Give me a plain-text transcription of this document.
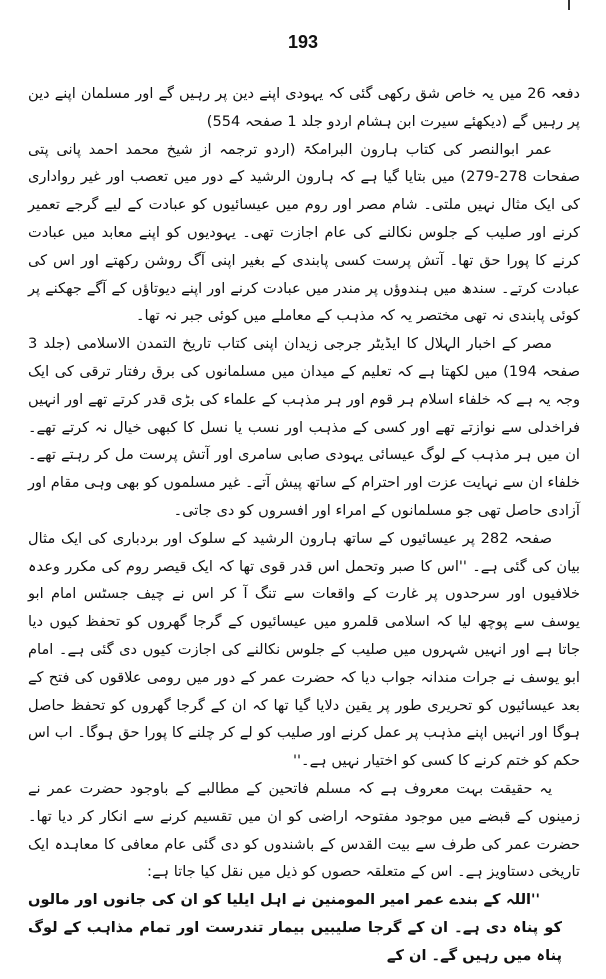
193

دفعہ 26 میں یہ خاص شق رکھی گئی کہ یہودی اپنے دین پر رہیں گے اور مسلمان اپنے دین پر رہیں گے (دیکھئے سیرت ابن ہشام اردو جلد 1 صفحہ 554)

عمر ابوالنصر کی کتاب ہارون البرامکۃ (اردو ترجمہ از شیخ محمد احمد پانی پتی صفحات 278-279) میں بتایا گیا ہے کہ ہارون الرشید کے دور میں تعصب اور غیر رواداری کی ایک مثال نہیں ملتی۔ شام مصر اور روم میں عیسائیوں کو عبادت کے لیے گرجے تعمیر کرنے اور صلیب کے جلوس نکالنے کی عام اجازت تھی۔ یہودیوں کو اپنے معابد میں عبادت کرنے کا پورا حق تھا۔ آتش پرست کسی پابندی کے بغیر اپنی آگ روشن رکھتے اور اس کی عبادت کرتے۔ سندھ میں ہندوؤں پر مندر میں عبادت کرنے اور اپنے دیوتاؤں کے آگے جھکنے پر کوئی پابندی نہ تھی مختصر یہ کہ مذہب کے معاملے میں کوئی جبر نہ تھا۔

مصر کے اخبار الہلال کا ایڈیٹر جرجی زیدان اپنی کتاب تاریخ التمدن الاسلامی (جلد 3 صفحہ 194) میں لکھتا ہے کہ تعلیم کے میدان میں مسلمانوں کی برق رفتار ترقی کی ایک وجہ یہ ہے کہ خلفاء اسلام ہر قوم اور ہر مذہب کے علماء کی بڑی قدر کرتے تھے اور انہیں فراخدلی سے نوازتے تھے اور کسی کے مذہب اور نسب یا نسل کا کبھی خیال نہ کرتے تھے۔ ان میں ہر مذہب کے لوگ عیسائی یہودی صابی سامری اور آتش پرست مل کر رہتے تھے۔ خلفاء ان سے نہایت عزت اور احترام کے ساتھ پیش آتے۔ غیر مسلموں کو بھی وہی مقام اور آزادی حاصل تھی جو مسلمانوں کے امراء اور افسروں کو دی جاتی۔

صفحہ 282 پر عیسائیوں کے ساتھ ہارون الرشید کے سلوک اور بردباری کی ایک مثال بیان کی گئی ہے۔ ''اس کا صبر وتحمل اس قدر قوی تھا کہ ایک قیصر روم کی مکرر وعدہ خلافیوں اور سرحدوں پر غارت کے واقعات سے تنگ آ کر اس نے چیف جسٹس امام ابو یوسف سے پوچھ لیا کہ اسلامی قلمرو میں عیسائیوں کے گرجا گھروں کو تحفظ کیوں دیا جاتا ہے اور انہیں شہروں میں صلیب کے جلوس نکالنے کی اجازت کیوں دی گئی ہے۔ امام ابو یوسف نے جرات مندانہ جواب دیا کہ حضرت عمر کے دور میں رومی علاقوں کی فتح کے بعد عیسائیوں کو تحریری طور پر یقین دلایا گیا تھا کہ ان کے گرجا گھروں کو تحفظ حاصل ہوگا اور انہیں اپنے مذہب پر عمل کرنے اور صلیب کو لے کر چلنے کا پورا حق ہوگا۔ اب اس حکم کو ختم کرنے کا کسی کو اختیار نہیں ہے۔''

یہ حقیقت بہت معروف ہے کہ مسلم فاتحین کے مطالبے کے باوجود حضرت عمر نے زمینوں کے قبضے میں موجود مفتوحہ اراضی کو ان میں تقسیم کرنے سے انکار کر دیا تھا۔ حضرت عمر کی طرف سے بیت القدس کے باشندوں کو دی گئی عام معافی کا معاہدہ ایک تاریخی دستاویز ہے۔ اس کے متعلقہ حصوں کو ذیل میں نقل کیا جاتا ہے:

''اللہ کے بندے عمر امیر المومنین نے اہل ایلیا کو ان کی جانوں اور مالوں کو پناہ دی ہے۔ ان کے گرجا صلیبیں بیمار تندرست اور تمام مذاہب کے لوگ پناہ میں رہیں گے۔ ان کے
